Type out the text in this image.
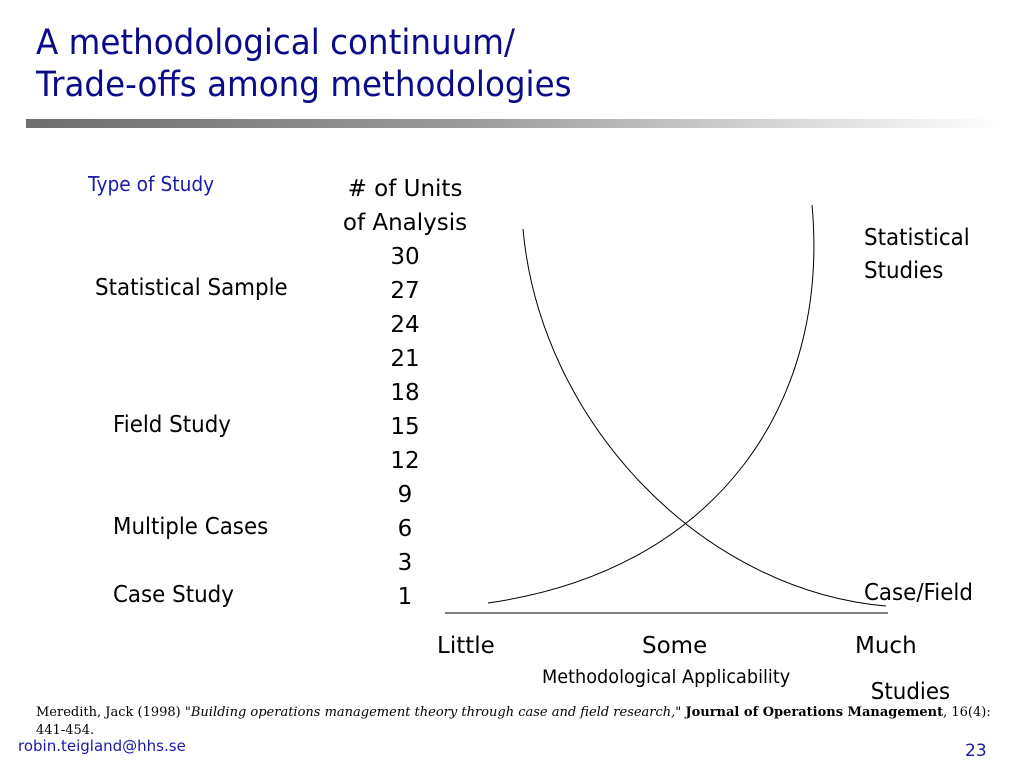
A methodological continuum/
Trade-offs among methodologies
Type of Study
Statistical Sample
Field Study
Multiple Cases
Case Study
# of Units
of Analysis
30
27
24
21
18
15
12
9
6
3
1
Statistical
Studies

Case/Field

Studies

Little	Some	Much
Methodological Applicability
Meredith, Jack (1998) "Building operations management theory through case and field research," Journal of Operations Management, 16(4): 441-454.
robin.teigland@hhs.se	23
